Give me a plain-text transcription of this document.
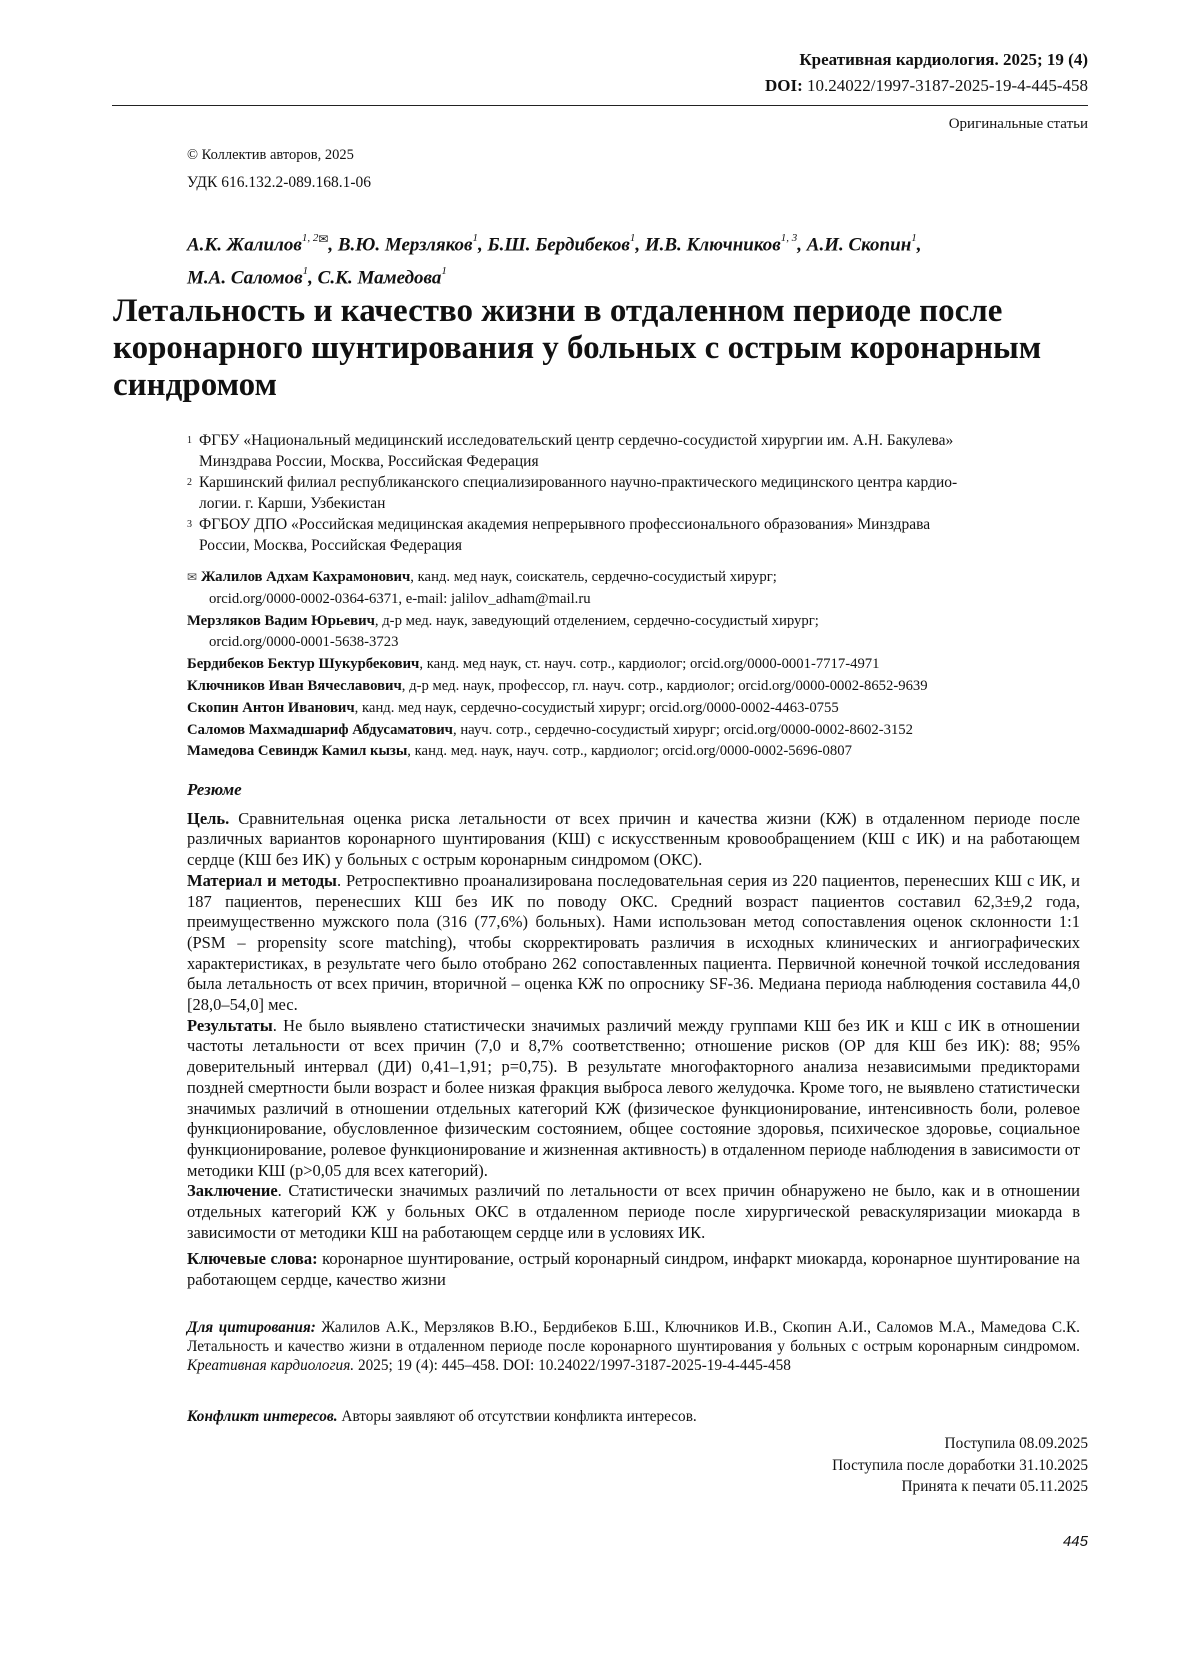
Креативная кардиология. 2025; 19 (4)
DOI: 10.24022/1997-3187-2025-19-4-445-458
Оригинальные статьи
© Коллектив авторов, 2025
УДК 616.132.2-089.168.1-06
А.К. Жалилов1, 2✉, В.Ю. Мерзляков1, Б.Ш. Бердибеков1, И.В. Ключников1, 3, А.И. Скопин1,
М.А. Саломов1, С.К. Мамедова1
Летальность и качество жизни в отдаленном периоде после коронарного шунтирования у больных с острым коронарным синдромом
1 ФГБУ «Национальный медицинский исследовательский центр сердечно-сосудистой хирургии им. А.Н. Бакулева»
Минздрава России, Москва, Российская Федерация
2 Каршинский филиал республиканского специализированного научно-практического медицинского центра кардио-
логии. г. Карши, Узбекистан
3 ФГБОУ ДПО «Российская медицинская академия непрерывного профессионального образования» Минздрава
России, Москва, Российская Федерация
✉ Жалилов Адхам Кахрамонович, канд. мед наук, соискатель, сердечно-сосудистый хирург;
orcid.org/0000-0002-0364-6371, e-mail: jalilov_adham@mail.ru
Мерзляков Вадим Юрьевич, д-р мед. наук, заведующий отделением, сердечно-сосудистый хирург;
orcid.org/0000-0001-5638-3723
Бердибеков Бектур Шукурбекович, канд. мед наук, ст. науч. сотр., кардиолог; orcid.org/0000-0001-7717-4971
Ключников Иван Вячеславович, д-р мед. наук, профессор, гл. науч. сотр., кардиолог; orcid.org/0000-0002-8652-9639
Скопин Антон Иванович, канд. мед наук, сердечно-сосудистый хирург; orcid.org/0000-0002-4463-0755
Саломов Махмадшариф Абдусаматович, науч. сотр., сердечно-сосудистый хирург; orcid.org/0000-0002-8602-3152
Мамедова Севиндж Камил кызы, канд. мед. наук, науч. сотр., кардиолог; orcid.org/0000-0002-5696-0807
Резюме

Цель. Сравнительная оценка риска летальности от всех причин и качества жизни (КЖ) в отдаленном периоде после различных вариантов коронарного шунтирования (КШ) с искусственным кровообращением (КШ с ИК) и на работающем сердце (КШ без ИК) у больных с острым коронарным синдромом (ОКС).

Материал и методы. Ретроспективно проанализирована последовательная серия из 220 пациентов, перенесших КШ с ИК, и 187 пациентов, перенесших КШ без ИК по поводу ОКС. Средний возраст пациентов составил 62,3±9,2 года, преимущественно мужского пола (316 (77,6%) больных). Нами использован метод сопоставления оценок склонности 1:1 (PSM – propensity score matching), чтобы скорректировать различия в исходных клинических и ангиографических характеристиках, в результате чего было отобрано 262 сопоставленных пациента. Первичной конечной точкой исследования была летальность от всех причин, вторичной – оценка КЖ по опроснику SF-36. Медиана периода наблюдения составила 44,0 [28,0–54,0] мес.

Результаты. Не было выявлено статистически значимых различий между группами КШ без ИК и КШ с ИК в отношении частоты летальности от всех причин (7,0 и 8,7% соответственно; отношение рисков (ОР для КШ без ИК): 88; 95% доверительный интервал (ДИ) 0,41–1,91; p=0,75). В результате многофакторного анализа независимыми предикторами поздней смертности были возраст и более низкая фракция выброса левого желудочка. Кроме того, не выявлено статистически значимых различий в отношении отдельных категорий КЖ (физическое функционирование, интенсивность боли, ролевое функционирование, обусловленное физическим состоянием, общее состояние здоровья, психическое здоровье, социальное функционирование, ролевое функционирование и жизненная активность) в отдаленном периоде наблюдения в зависимости от методики КШ (p>0,05 для всех категорий).

Заключение. Статистически значимых различий по летальности от всех причин обнаружено не было, как и в отношении отдельных категорий КЖ у больных ОКС в отдаленном периоде после хирургической реваскуляризации миокарда в зависимости от методики КШ на работающем сердце или в условиях ИК.

Ключевые слова: коронарное шунтирование, острый коронарный синдром, инфаркт миокарда, коронарное шунтирование на работающем сердце, качество жизни

Для цитирования: Жалилов А.К., Мерзляков В.Ю., Бердибеков Б.Ш., Ключников И.В., Скопин А.И., Саломов М.А., Мамедова С.К. Летальность и качество жизни в отдаленном периоде после коронарного шунтирования у больных с острым коронарным синдромом. Креативная кардиология. 2025; 19 (4): 445–458. DOI: 10.24022/1997-3187-2025-19-4-445-458
Конфликт интересов. Авторы заявляют об отсутствии конфликта интересов.
Поступила 08.09.2025
Поступила после доработки 31.10.2025
Принята к печати 05.11.2025
445
